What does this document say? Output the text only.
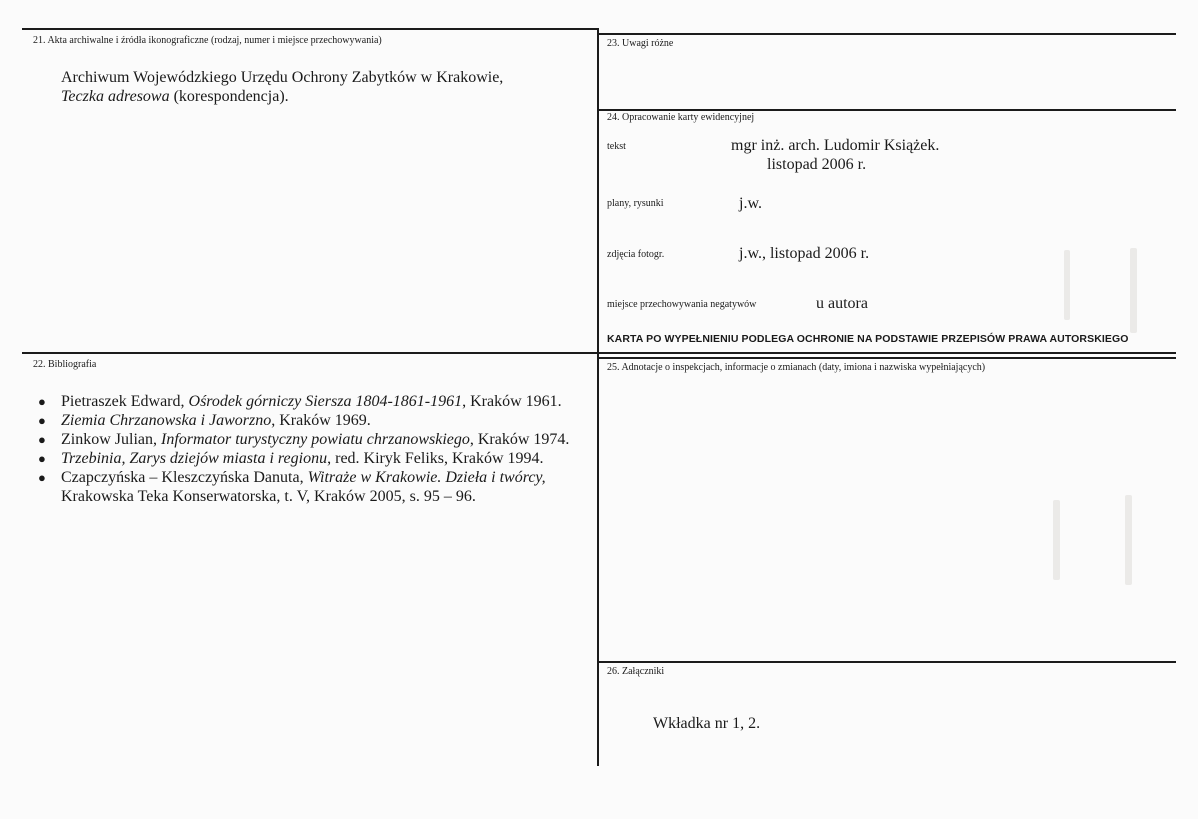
21. Akta archiwalne i źródła ikonograficzne (rodzaj, numer i miejsce przechowywania)
Archiwum Wojewódzkiego Urzędu Ochrony Zabytków w Krakowie,
Teczka adresowa (korespondencja).
22. Bibliografia
● Pietraszek Edward, Ośrodek górniczy Siersza 1804-1861-1961, Kraków 1961.
● Ziemia Chrzanowska i Jaworzno, Kraków 1969.
● Zinkow Julian, Informator turystyczny powiatu chrzanowskiego, Kraków 1974.
● Trzebinia, Zarys dziejów miasta i regionu, red. Kiryk Feliks, Kraków 1994.
● Czapczyńska – Kleszczyńska Danuta, Witraże w Krakowie. Dzieła i twórcy, Krakowska Teka Konserwatorska, t. V, Kraków 2005, s. 95 – 96.
23. Uwagi różne
24. Opracowanie karty ewidencyjnej
tekst	mgr inż. arch. Ludomir Książek.
listopad 2006 r.
plany, rysunki	j.w.
zdjęcia fotogr.	j.w., listopad 2006 r.
miejsce przechowywania negatywów	u autora
KARTA PO WYPEŁNIENIU PODLEGA OCHRONIE NA PODSTAWIE PRZEPISÓW PRAWA AUTORSKIEGO
25. Adnotacje o inspekcjach, informacje o zmianach (daty, imiona i nazwiska wypełniających)
26. Załączniki
Wkładka nr 1, 2.
